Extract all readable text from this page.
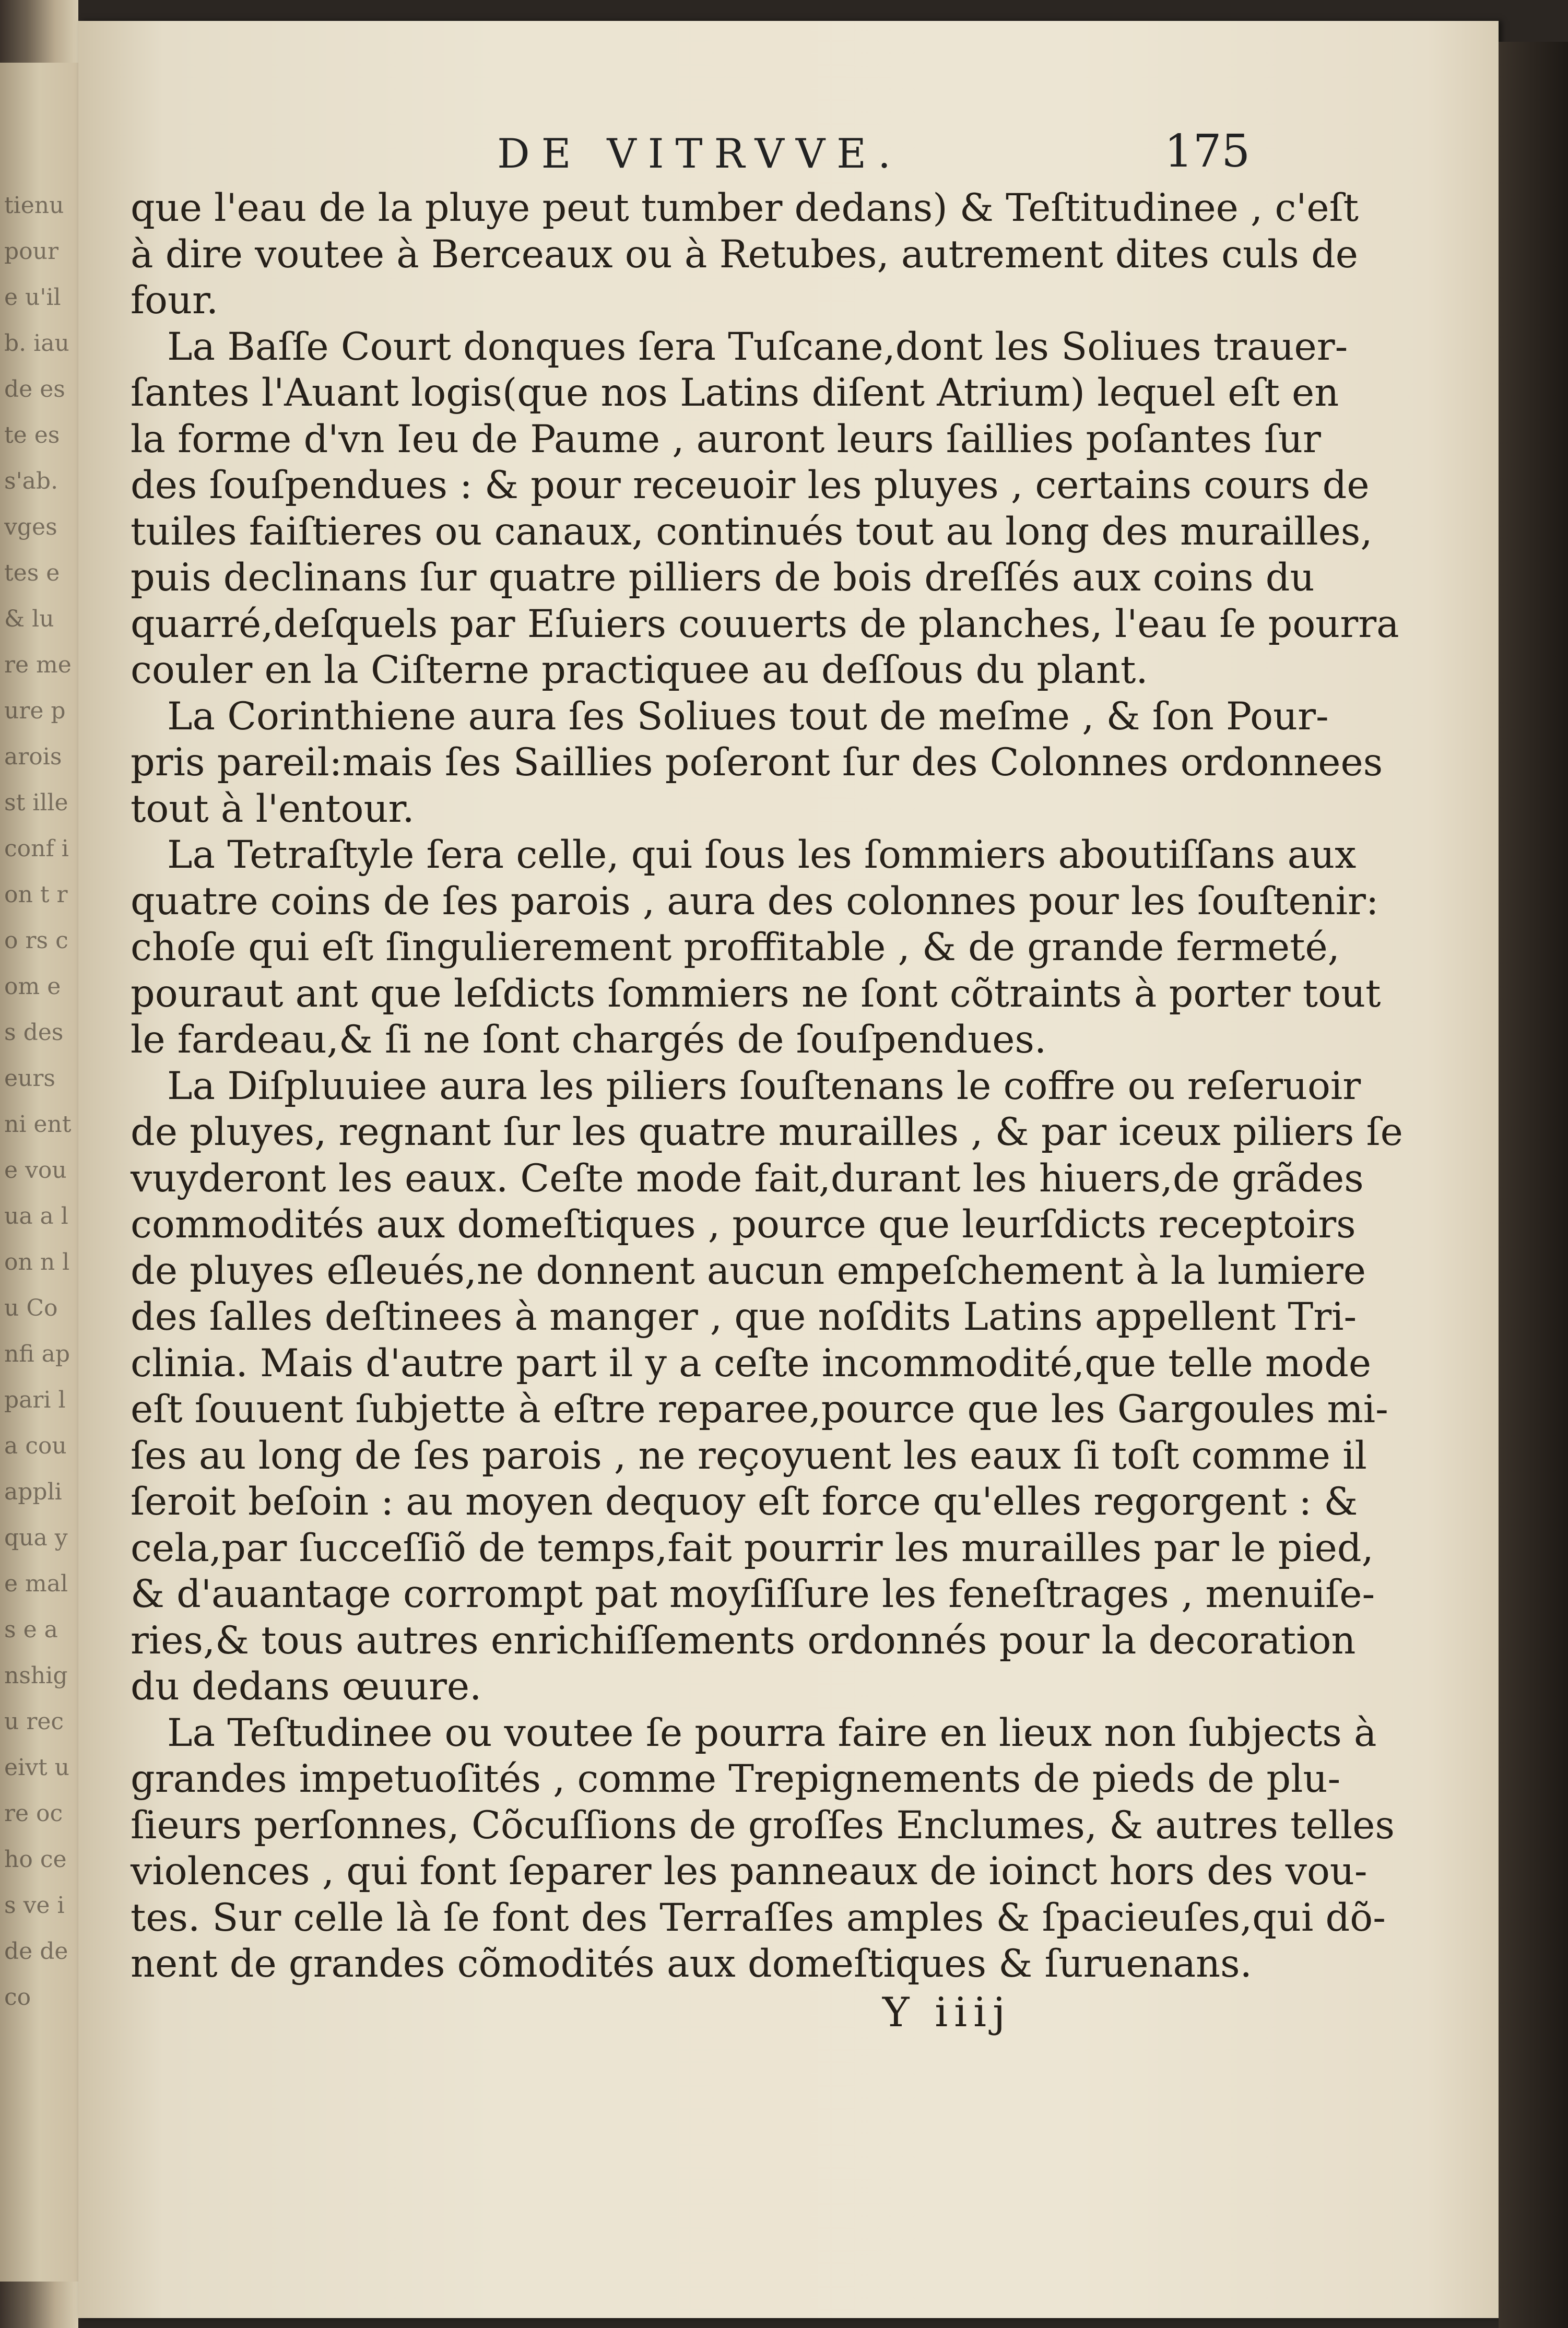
tienu poure u'il b. iau de este es s'ab. vges tes e & lu re me ure parois st ille conf ion t ro rs com es des eurs ni ente vouua a lon n lu Confi appari la cou appliqua ye mals e anshigu receivt ure ocho ces ve ide deco
DE VITRVVE.	175
que l'eau de la pluye peut tumber dedans) & Teſtitudinee , c'eſt
à dire voutee à Berceaux ou à Retubes, autrement dites culs de
four.
La Baſſe Court donques ſera Tuſcane,dont les Soliues trauer-
ſantes l'Auant logis(que nos Latins diſent Atrium) lequel eſt en
la forme d'vn Ieu de Paume , auront leurs ſaillies poſantes ſur
des ſouſpendues : & pour receuoir les pluyes , certains cours de
tuiles faiſtieres ou canaux, continués tout au long des murailles,
puis declinans ſur quatre pilliers de bois dreſſés aux coins du
quarré,deſquels par Eſuiers couuerts de planches, l'eau ſe pourra
couler en la Ciſterne practiquee au deſſous du plant.
La Corinthiene aura ſes Soliues tout de meſme , & ſon Pour-
pris pareil:mais ſes Saillies poſeront ſur des Colonnes ordonnees
tout à l'entour.
La Tetraſtyle ſera celle, qui ſous les ſommiers aboutiſſans aux
quatre coins de ſes parois , aura des colonnes pour les ſouſtenir:
choſe qui eſt ſingulierement proffitable , & de grande fermeté,
pouraut ant que leſdicts ſommiers ne ſont cõtraints à porter tout
le fardeau,& ſi ne ſont chargés de ſouſpendues.
La Diſpluuiee aura les piliers ſouſtenans le coffre ou reſeruoir
de pluyes, regnant ſur les quatre murailles , & par iceux piliers ſe
vuyderont les eaux. Ceſte mode fait,durant les hiuers,de grãdes
commodités aux domeſtiques , pource que leurſdicts receptoirs
de pluyes eſleués,ne donnent aucun empeſchement à la lumiere
des ſalles deſtinees à manger , que noſdits Latins appellent Tri-
clinia. Mais d'autre part il y a ceſte incommodité,que telle mode
eſt ſouuent ſubjette à eſtre reparee,pource que les Gargoules mi-
ſes au long de ſes parois , ne reçoyuent les eaux ſi toſt comme il
ſeroit beſoin : au moyen dequoy eſt force qu'elles regorgent : &
cela,par ſucceſſiõ de temps,fait pourrir les murailles par le pied,
& d'auantage corrompt pat moyſiſſure les feneſtrages , menuiſe-
ries,& tous autres enrichiſſements ordonnés pour la decoration
du dedans œuure.
La Teſtudinee ou voutee ſe pourra faire en lieux non ſubjects à
grandes impetuoſités , comme Trepignements de pieds de plu-
ſieurs perſonnes, Cõcuſſions de groſſes Enclumes, & autres telles
violences , qui font ſeparer les panneaux de ioinct hors des vou-
tes. Sur celle là ſe font des Terraſſes amples & ſpacieuſes,qui dõ-
nent de grandes cõmodités aux domeſtiques & ſuruenans.
Y iiij
